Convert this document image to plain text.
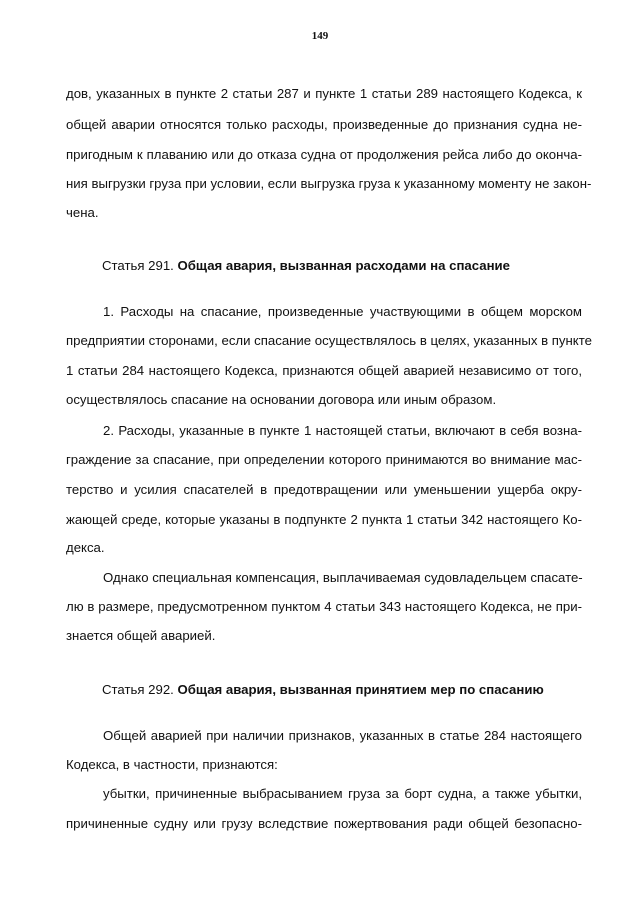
149
дов, указанных в пункте 2 статьи 287 и пункте 1 статьи 289 настоящего Кодекса, к
общей аварии относятся только расходы, произведенные до признания судна не-
пригодным к плаванию или до отказа судна от продолжения рейса либо до оконча-
ния выгрузки груза при условии, если выгрузка груза к указанному моменту не закон-
чена.
Статья 291. Общая авария, вызванная расходами на спасание
1. Расходы на спасание, произведенные участвующими в общем морском
предприятии сторонами, если спасание осуществлялось в целях, указанных в пункте
1 статьи 284 настоящего Кодекса, признаются общей аварией независимо от того,
осуществлялось спасание на основании договора или иным образом.
2. Расходы, указанные в пункте 1 настоящей статьи, включают в себя возна-
граждение за спасание, при определении которого принимаются во внимание мас-
терство и усилия спасателей в предотвращении или уменьшении ущерба окру-
жающей среде, которые указаны в подпункте 2 пункта 1 статьи 342 настоящего Ко-
декса.
Однако специальная компенсация, выплачиваемая судовладельцем спасате-
лю в размере, предусмотренном пунктом 4 статьи 343 настоящего Кодекса, не при-
знается общей аварией.
Статья 292. Общая авария, вызванная принятием мер по спасанию
Общей аварией при наличии признаков, указанных в статье 284 настоящего
Кодекса, в частности, признаются:
убытки, причиненные выбрасыванием груза за борт судна, а также убытки,
причиненные судну или грузу вследствие пожертвования ради общей безопасно-
